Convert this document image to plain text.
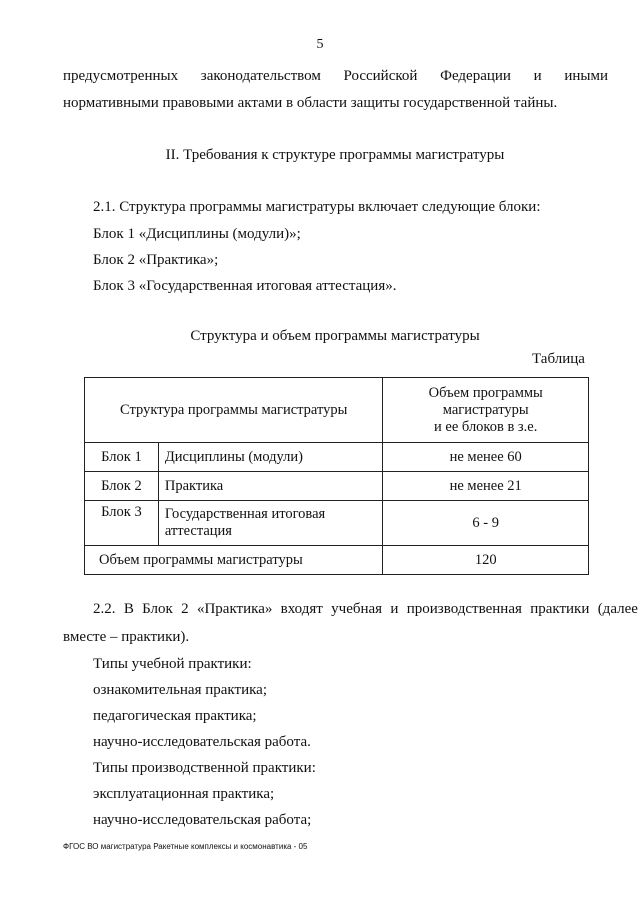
5
предусмотренных законодательством Российской Федерации и иными
нормативными правовыми актами в области защиты государственной тайны.
II. Требования к структуре программы магистратуры
2.1. Структура программы магистратуры включает следующие блоки:
Блок 1 «Дисциплины (модули)»;
Блок 2 «Практика»;
Блок 3 «Государственная итоговая аттестация».
Структура и объем программы магистратуры
Таблица
Структура программы магистратуры		Объем программы
магистратуры
и ее блоков в з.е.

Блок 1	Дисциплины (модули)	не менее 60
Блок 2	Практика	не менее 21
Блок 3	Государственная итоговая аттестация	6 - 9
Объем программы магистратуры		120
2.2. В Блок 2 «Практика» входят учебная и производственная практики (далее
вместе – практики).
Типы учебной практики:
ознакомительная практика;
педагогическая практика;
научно-исследовательская работа.
Типы производственной практики:
эксплуатационная практика;
научно-исследовательская работа;
ФГОС ВО магистратура Ракетные комплексы и космонавтика - 05
